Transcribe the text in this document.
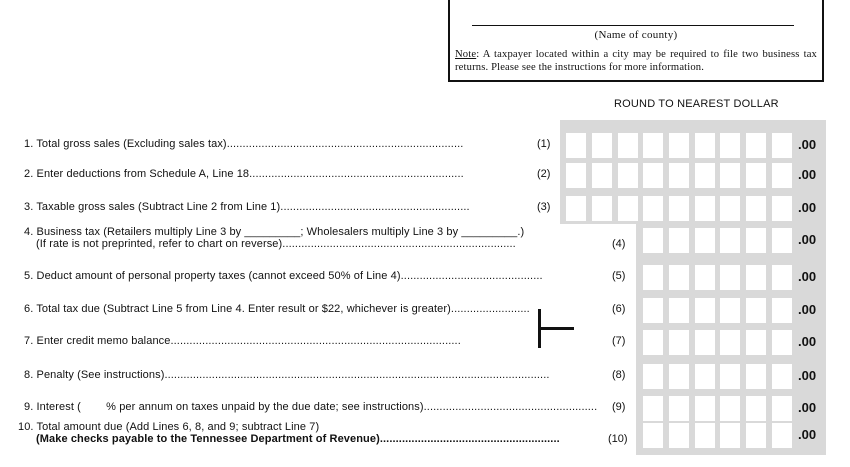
(Name of county)
Note: A taxpayer located within a city may be required to file two business tax returns. Please see the instructions for more information.
ROUND TO NEAREST DOLLAR
1. Total gross sales (Excluding sales tax)...........................................................................	(1)	.00
2. Enter deductions from Schedule A, Line 18....................................................................	(2)	.00
3. Taxable gross sales (Subtract Line 2 from Line 1)............................................................	(3)	.00
4. Business tax (Retailers multiply Line 3 by _________; Wholesalers multiply Line 3 by _________.)
(If rate is not preprinted, refer to chart on reverse)..........................................................................	(4)	.00
5. Deduct amount of personal property taxes (cannot exceed 50% of Line 4).............................................	(5)	.00
6. Total tax due (Subtract Line 5 from Line 4. Enter result or $22, whichever is greater).........................	(6)	.00
7. Enter credit memo balance............................................................................................	(7)	.00
8. Penalty (See instructions)..........................................................................................................................	(8)	.00
9. Interest (        % per annum on taxes unpaid by the due date; see instructions)....................................................... (9)	.00
10. Total amount due (Add Lines 6, 8, and 9; subtract Line 7)
(Make checks payable to the Tennessee Department of Revenue).........................................................	(10)	.00
